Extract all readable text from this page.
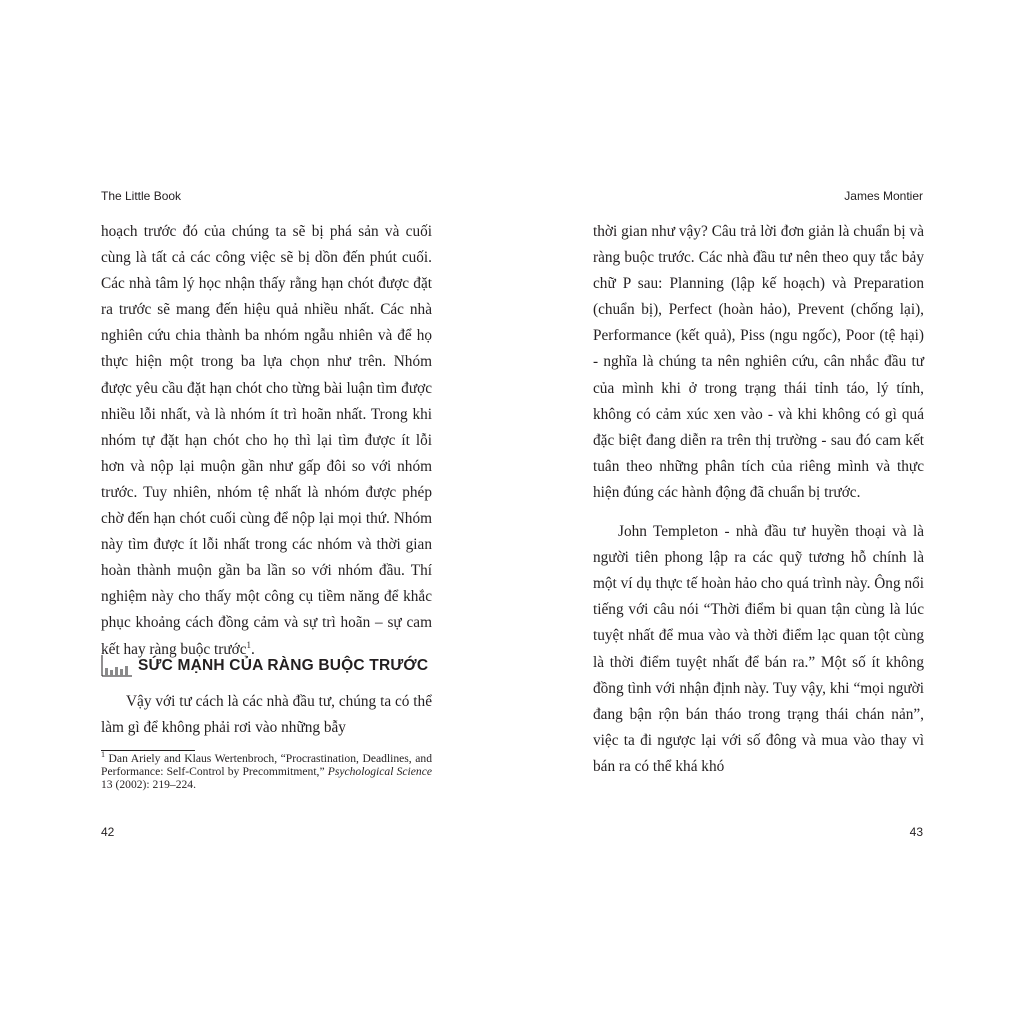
The Little Book

hoạch trước đó của chúng ta sẽ bị phá sản và cuối cùng là tất cả các công việc sẽ bị dồn đến phút cuối. Các nhà tâm lý học nhận thấy rằng hạn chót được đặt ra trước sẽ mang đến hiệu quả nhiều nhất. Các nhà nghiên cứu chia thành ba nhóm ngẫu nhiên và để họ thực hiện một trong ba lựa chọn như trên. Nhóm được yêu cầu đặt hạn chót cho từng bài luận tìm được nhiều lỗi nhất, và là nhóm ít trì hoãn nhất. Trong khi nhóm tự đặt hạn chót cho họ thì lại tìm được ít lỗi hơn và nộp lại muộn gần như gấp đôi so với nhóm trước. Tuy nhiên, nhóm tệ nhất là nhóm được phép chờ đến hạn chót cuối cùng để nộp lại mọi thứ. Nhóm này tìm được ít lỗi nhất trong các nhóm và thời gian hoàn thành muộn gần ba lần so với nhóm đầu. Thí nghiệm này cho thấy một công cụ tiềm năng để khắc phục khoảng cách đồng cảm và sự trì hoãn – sự cam kết hay ràng buộc trước$^1$.

SỨC MẠNH CỦA RÀNG BUỘC TRƯỚC

Vậy với tư cách là các nhà đầu tư, chúng ta có thể làm gì để không phải rơi vào những bẫy

$^1$ Dan Ariely and Klaus Wertenbroch, “Procrastination, Deadlines, and Performance: Self-Control by Precommitment,” Psychological Science 13 (2002): 219–224.
42
James Montier

thời gian như vậy? Câu trả lời đơn giản là chuẩn bị và ràng buộc trước. Các nhà đầu tư nên theo quy tắc bảy chữ P sau: Planning (lập kế hoạch) và Preparation (chuẩn bị), Perfect (hoàn hảo), Prevent (chống lại), Performance (kết quả), Piss (ngu ngốc), Poor (tệ hại) - nghĩa là chúng ta nên nghiên cứu, cân nhắc đầu tư của mình khi ở trong trạng thái tỉnh táo, lý tính, không có cảm xúc xen vào - và khi không có gì quá đặc biệt đang diễn ra trên thị trường - sau đó cam kết tuân theo những phân tích của riêng mình và thực hiện đúng các hành động đã chuẩn bị trước.

John Templeton - nhà đầu tư huyền thoại và là người tiên phong lập ra các quỹ tương hỗ chính là một ví dụ thực tế hoàn hảo cho quá trình này. Ông nổi tiếng với câu nói “Thời điểm bi quan tận cùng là lúc tuyệt nhất để mua vào và thời điểm lạc quan tột cùng là thời điểm tuyệt nhất để bán ra.” Một số ít không đồng tình với nhận định này. Tuy vậy, khi “mọi người đang bận rộn bán tháo trong trạng thái chán nản”, việc ta đi ngược lại với số đông và mua vào thay vì bán ra có thể khá khó

43
